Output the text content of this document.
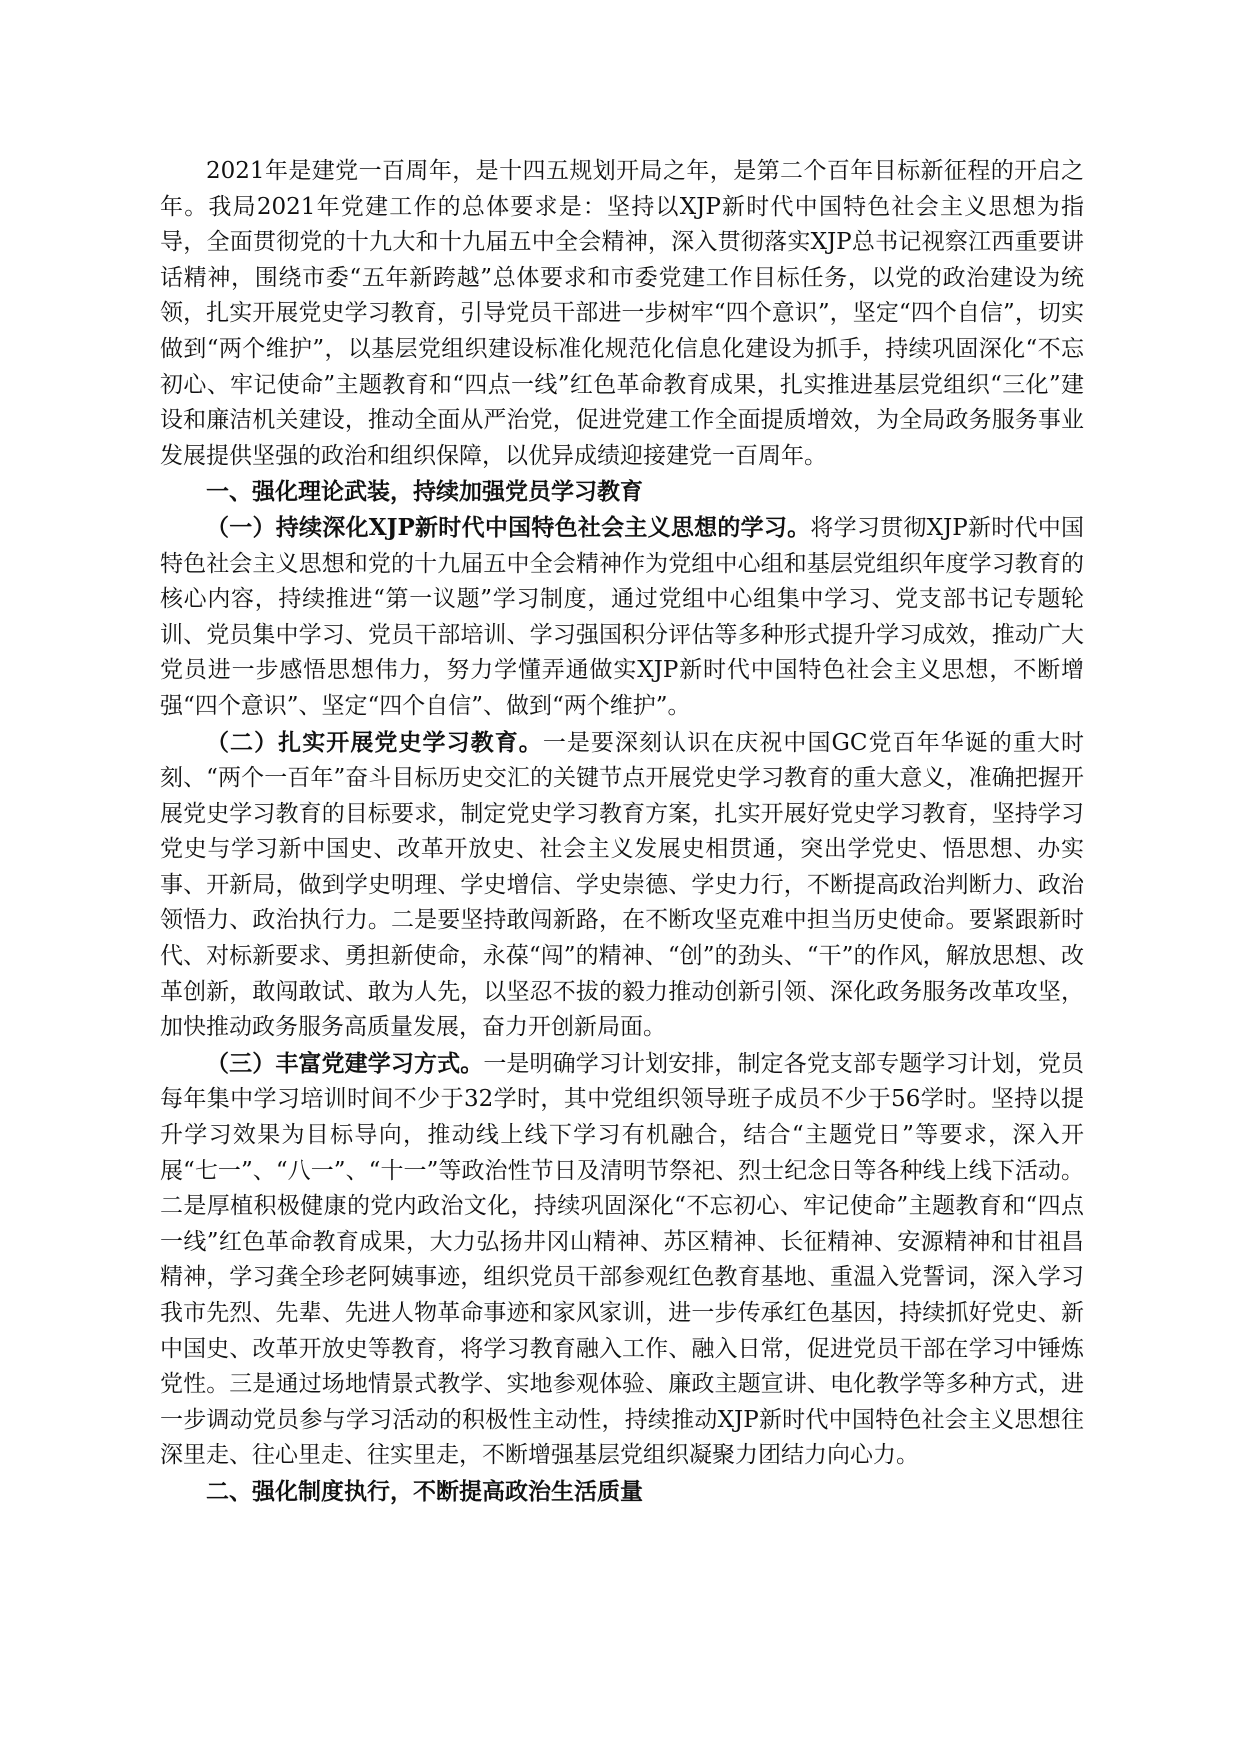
2021年是建党一百周年，是十四五规划开局之年，是第二个百年目标新征程的开启之年。我局2021年党建工作的总体要求是：坚持以XJP新时代中国特色社会主义思想为指导，全面贯彻党的十九大和十九届五中全会精神，深入贯彻落实XJP总书记视察江西重要讲话精神，围绕市委“五年新跨越”总体要求和市委党建工作目标任务，以党的政治建设为统领，扎实开展党史学习教育，引导党员干部进一步树牢“四个意识”，坚定“四个自信”，切实做到“两个维护”，以基层党组织建设标准化规范化信息化建设为抓手，持续巩固深化“不忘初心、牢记使命”主题教育和“四点一线”红色革命教育成果，扎实推进基层党组织“三化”建设和廉洁机关建设，推动全面从严治党，促进党建工作全面提质增效，为全局政务服务事业发展提供坚强的政治和组织保障，以优异成绩迎接建党一百周年。

一、强化理论武装，持续加强党员学习教育

（一）持续深化XJP新时代中国特色社会主义思想的学习。将学习贯彻XJP新时代中国特色社会主义思想和党的十九届五中全会精神作为党组中心组和基层党组织年度学习教育的核心内容，持续推进“第一议题”学习制度，通过党组中心组集中学习、党支部书记专题轮训、党员集中学习、党员干部培训、学习强国积分评估等多种形式提升学习成效，推动广大党员进一步感悟思想伟力，努力学懂弄通做实XJP新时代中国特色社会主义思想，不断增强“四个意识”、坚定“四个自信”、做到“两个维护”。

（二）扎实开展党史学习教育。一是要深刻认识在庆祝中国GC党百年华诞的重大时刻、“两个一百年”奋斗目标历史交汇的关键节点开展党史学习教育的重大意义，准确把握开展党史学习教育的目标要求，制定党史学习教育方案，扎实开展好党史学习教育，坚持学习党史与学习新中国史、改革开放史、社会主义发展史相贯通，突出学党史、悟思想、办实事、开新局，做到学史明理、学史增信、学史崇德、学史力行，不断提高政治判断力、政治领悟力、政治执行力。二是要坚持敢闯新路，在不断攻坚克难中担当历史使命。要紧跟新时代、对标新要求、勇担新使命，永葆“闯”的精神、“创”的劲头、“干”的作风，解放思想、改革创新，敢闯敢试、敢为人先，以坚忍不拔的毅力推动创新引领、深化政务服务改革攻坚，加快推动政务服务高质量发展，奋力开创新局面。

（三）丰富党建学习方式。一是明确学习计划安排，制定各党支部专题学习计划，党员每年集中学习培训时间不少于32学时，其中党组织领导班子成员不少于56学时。坚持以提升学习效果为目标导向，推动线上线下学习有机融合，结合“主题党日”等要求，深入开展“七一”、“八一”、“十一”等政治性节日及清明节祭祀、烈士纪念日等各种线上线下活动。二是厚植积极健康的党内政治文化，持续巩固深化“不忘初心、牢记使命”主题教育和“四点一线”红色革命教育成果，大力弘扬井冈山精神、苏区精神、长征精神、安源精神和甘祖昌精神，学习龚全珍老阿姨事迹，组织党员干部参观红色教育基地、重温入党誓词，深入学习我市先烈、先辈、先进人物革命事迹和家风家训，进一步传承红色基因，持续抓好党史、新中国史、改革开放史等教育，将学习教育融入工作、融入日常，促进党员干部在学习中锤炼党性。三是通过场地情景式教学、实地参观体验、廉政主题宣讲、电化教学等多种方式，进一步调动党员参与学习活动的积极性主动性，持续推动XJP新时代中国特色社会主义思想往深里走、往心里走、往实里走，不断增强基层党组织凝聚力团结力向心力。

二、强化制度执行，不断提高政治生活质量
